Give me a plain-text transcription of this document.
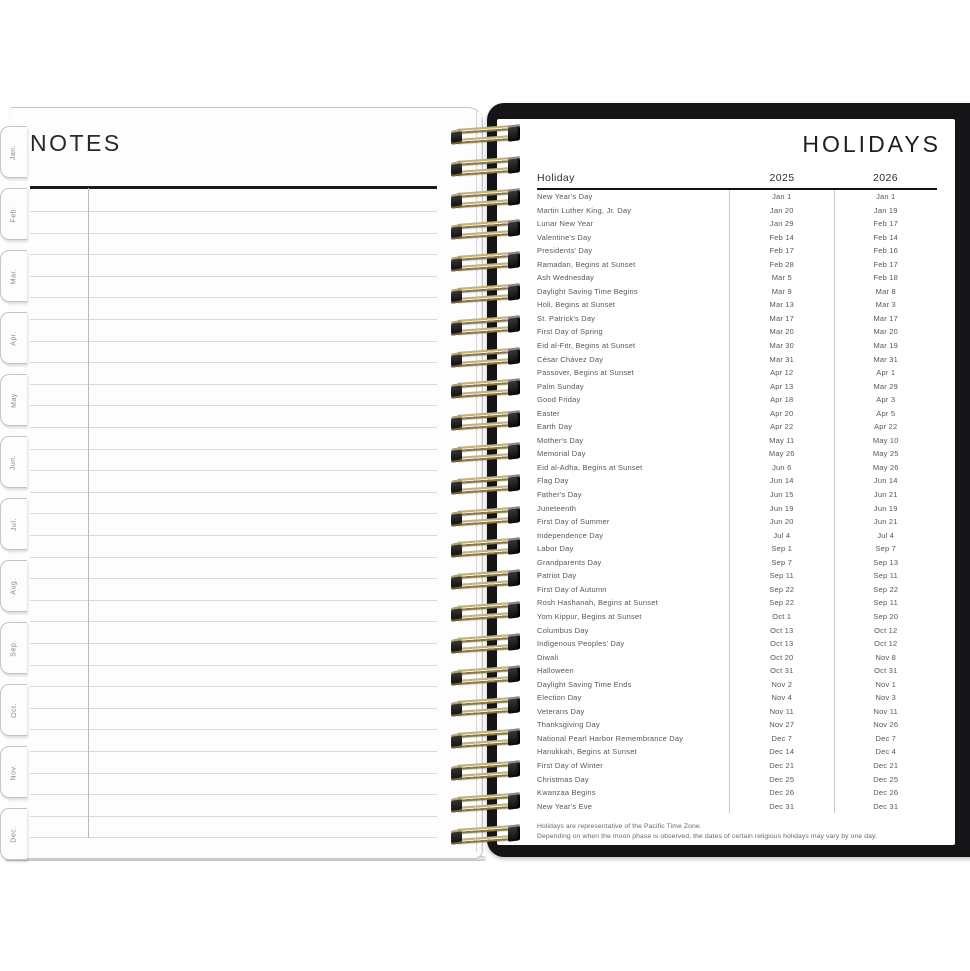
NOTES
Jan.
Feb.
Mar.
Apr.
May
Jun.
Jul.
Aug.
Sep.
Oct.
Nov.
Dec.
HOLIDAYS
Holiday	2025	2026
New Year's Day	Jan 1	Jan 1
Martin Luther King, Jr. Day	Jan 20	Jan 19
Lunar New Year	Jan 29	Feb 17
Valentine's Day	Feb 14	Feb 14
Presidents' Day	Feb 17	Feb 16
Ramadan, Begins at Sunset	Feb 28	Feb 17
Ash Wednesday	Mar 5	Feb 18
Daylight Saving Time Begins	Mar 9	Mar 8
Holi, Begins at Sunset	Mar 13	Mar 3
St. Patrick's Day	Mar 17	Mar 17
First Day of Spring	Mar 20	Mar 20
Eid al-Fitr, Begins at Sunset	Mar 30	Mar 19
César Chávez Day	Mar 31	Mar 31
Passover, Begins at Sunset	Apr 12	Apr 1
Palm Sunday	Apr 13	Mar 29
Good Friday	Apr 18	Apr 3
Easter	Apr 20	Apr 5
Earth Day	Apr 22	Apr 22
Mother's Day	May 11	May 10
Memorial Day	May 26	May 25
Eid al-Adha, Begins at Sunset	Jun 6	May 26
Flag Day	Jun 14	Jun 14
Father's Day	Jun 15	Jun 21
Juneteenth	Jun 19	Jun 19
First Day of Summer	Jun 20	Jun 21
Independence Day	Jul 4	Jul 4
Labor Day	Sep 1	Sep 7
Grandparents Day	Sep 7	Sep 13
Patriot Day	Sep 11	Sep 11
First Day of Autumn	Sep 22	Sep 22
Rosh Hashanah, Begins at Sunset	Sep 22	Sep 11
Yom Kippur, Begins at Sunset	Oct 1	Sep 20
Columbus Day	Oct 13	Oct 12
Indigenous Peoples' Day	Oct 13	Oct 12
Diwali	Oct 20	Nov 8
Halloween	Oct 31	Oct 31
Daylight Saving Time Ends	Nov 2	Nov 1
Election Day	Nov 4	Nov 3
Veterans Day	Nov 11	Nov 11
Thanksgiving Day	Nov 27	Nov 26
National Pearl Harbor Remembrance Day	Dec 7	Dec 7
Hanukkah, Begins at Sunset	Dec 14	Dec 4
First Day of Winter	Dec 21	Dec 21
Christmas Day	Dec 25	Dec 25
Kwanzaa Begins	Dec 26	Dec 26
New Year's Eve	Dec 31	Dec 31
Holidays are representative of the Pacific Time Zone.
Depending on when the moon phase is observed, the dates of certain religious holidays may vary by one day.
